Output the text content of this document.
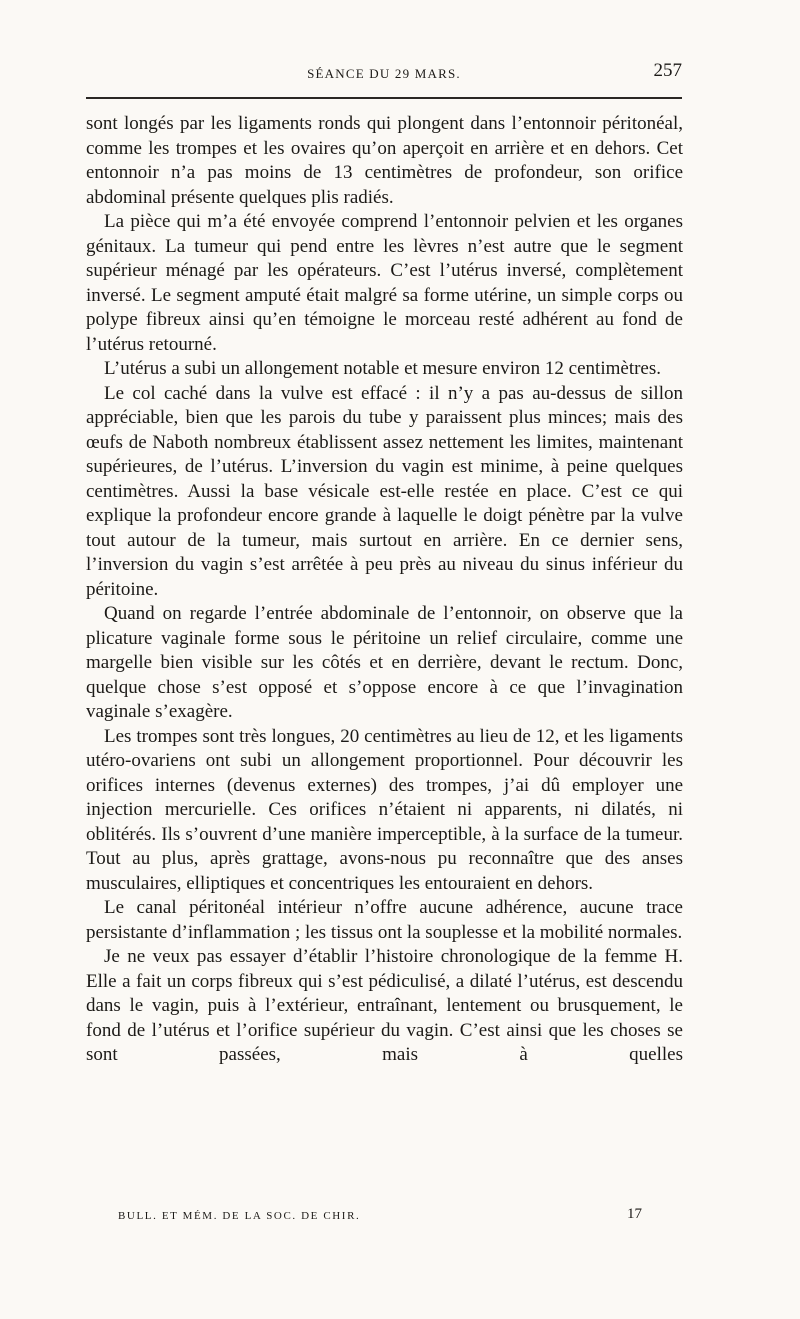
SÉANCE DU 29 MARS.	257

sont longés par les ligaments ronds qui plongent dans l’entonnoir péritonéal, comme les trompes et les ovaires qu’on aperçoit en arrière et en dehors. Cet entonnoir n’a pas moins de 13 centimètres de profondeur, son orifice abdominal présente quelques plis radiés.

La pièce qui m’a été envoyée comprend l’entonnoir pelvien et les organes génitaux. La tumeur qui pend entre les lèvres n’est autre que le segment supérieur ménagé par les opérateurs. C’est l’utérus inversé, complètement inversé. Le segment amputé était malgré sa forme utérine, un simple corps ou polype fibreux ainsi qu’en témoigne le morceau resté adhérent au fond de l’utérus retourné.

L’utérus a subi un allongement notable et mesure environ 12 centimètres.

Le col caché dans la vulve est effacé : il n’y a pas au-dessus de sillon appréciable, bien que les parois du tube y paraissent plus minces; mais des œufs de Naboth nombreux établissent assez nettement les limites, maintenant supérieures, de l’utérus. L’inversion du vagin est minime, à peine quelques centimètres. Aussi la base vésicale est-elle restée en place. C’est ce qui explique la profondeur encore grande à laquelle le doigt pénètre par la vulve tout autour de la tumeur, mais surtout en arrière. En ce dernier sens, l’inversion du vagin s’est arrêtée à peu près au niveau du sinus inférieur du péritoine.

Quand on regarde l’entrée abdominale de l’entonnoir, on observe que la plicature vaginale forme sous le péritoine un relief circulaire, comme une margelle bien visible sur les côtés et en derrière, devant le rectum. Donc, quelque chose s’est opposé et s’oppose encore à ce que l’invagination vaginale s’exagère.

Les trompes sont très longues, 20 centimètres au lieu de 12, et les ligaments utéro-ovariens ont subi un allongement proportionnel. Pour découvrir les orifices internes (devenus externes) des trompes, j’ai dû employer une injection mercurielle. Ces orifices n’étaient ni apparents, ni dilatés, ni oblitérés. Ils s’ouvrent d’une manière imperceptible, à la surface de la tumeur. Tout au plus, après grattage, avons-nous pu reconnaître que des anses musculaires, elliptiques et concentriques les entouraient en dehors.

Le canal péritonéal intérieur n’offre aucune adhérence, aucune trace persistante d’inflammation ; les tissus ont la souplesse et la mobilité normales.

Je ne veux pas essayer d’établir l’histoire chronologique de la femme H. Elle a fait un corps fibreux qui s’est pédiculisé, a dilaté l’utérus, est descendu dans le vagin, puis à l’extérieur, entraînant, lentement ou brusquement, le fond de l’utérus et l’orifice supérieur du vagin. C’est ainsi que les choses se sont passées, mais à quelles

BULL. ET MÉM. DE LA SOC. DE CHIR.	17
